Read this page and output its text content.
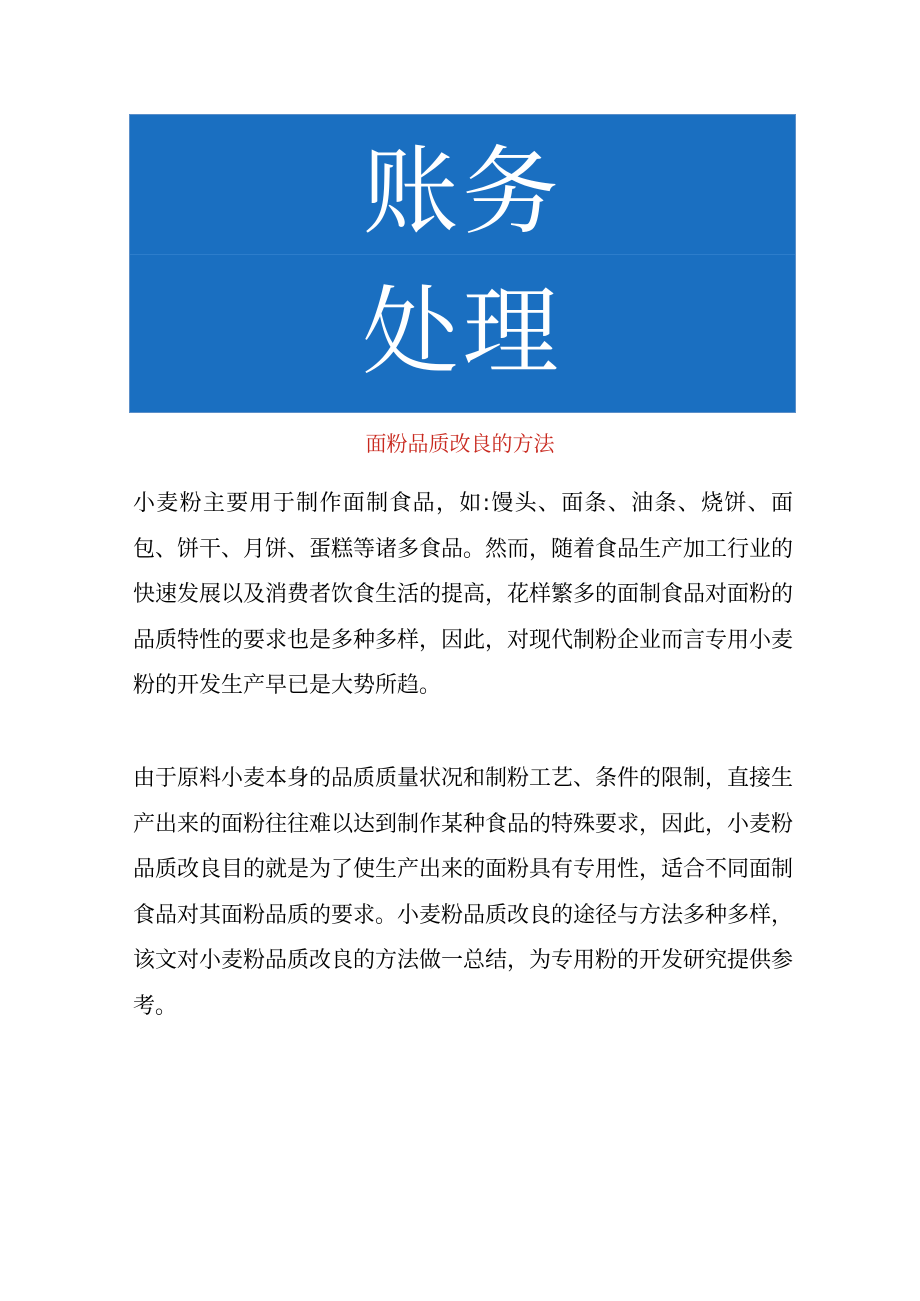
账务
处理
面粉品质改良的方法

小麦粉主要用于制作面制食品，如:馒头、面条、油条、烧饼、面包、饼干、月饼、蛋糕等诸多食品。然而，随着食品生产加工行业的快速发展以及消费者饮食生活的提高，花样繁多的面制食品对面粉的品质特性的要求也是多种多样，因此，对现代制粉企业而言专用小麦粉的开发生产早已是大势所趋。

由于原料小麦本身的品质质量状况和制粉工艺、条件的限制，直接生产出来的面粉往往难以达到制作某种食品的特殊要求，因此，小麦粉品质改良目的就是为了使生产出来的面粉具有专用性，适合不同面制食品对其面粉品质的要求。小麦粉品质改良的途径与方法多种多样，该文对小麦粉品质改良的方法做一总结，为专用粉的开发研究提供参考。
